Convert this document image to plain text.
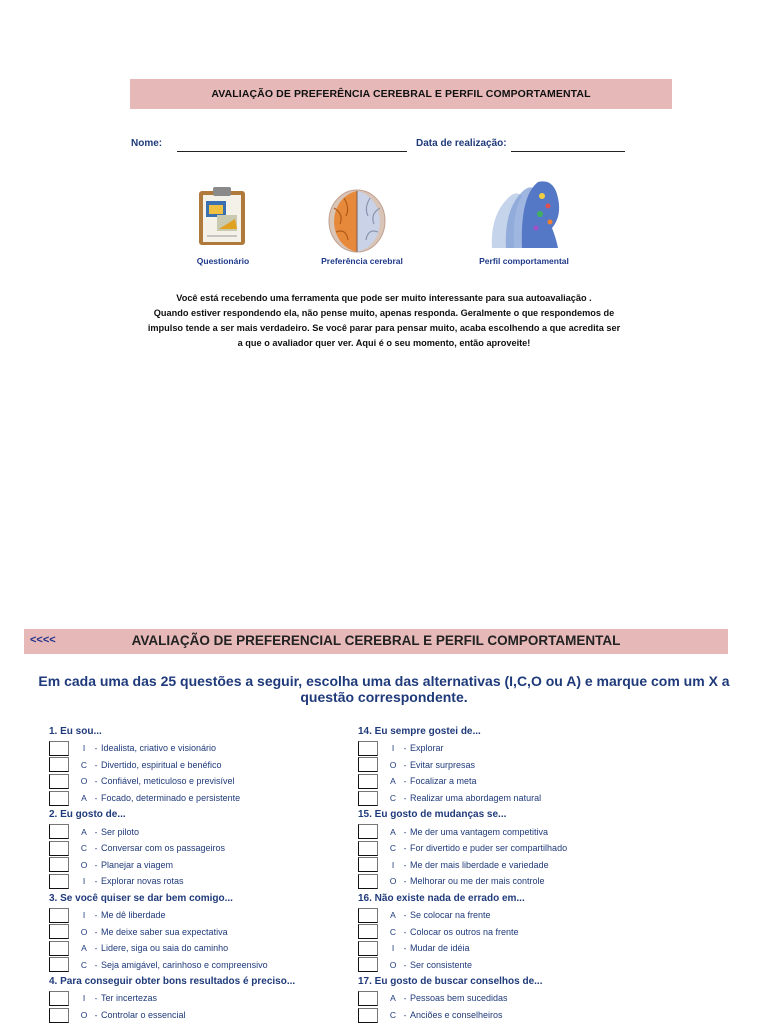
AVALIAÇÃO DE PREFERÊNCIA CEREBRAL E PERFIL COMPORTAMENTAL
Nome:	Data de realização:
Questionário	Preferência cerebral	Perfil comportamental

Você está recebendo uma ferramenta que pode ser muito interessante para sua autoavaliação .

Quando estiver respondendo ela, não pense muito, apenas responda. Geralmente o que respondemos de

impulso tende a ser mais verdadeiro. Se você parar para pensar muito, acaba escolhendo a que acredita ser

a que o avaliador quer ver. Aqui é o seu momento, então aproveite!

<<<<	AVALIAÇÃO DE PREFERENCIAL CEREBRAL E PERFIL COMPORTAMENTAL
Em cada uma das 25 questões a seguir, escolha uma das alternativas (I,C,O ou A) e marque com um X a questão correspondente.
1. Eu sou...
I	- Idealista, criativo e visionário
C - Divertido, espiritual e benéfico
O - Confiável, meticuloso e previsível
A - Focado, determinado e persistente
2. Eu gosto de...
A - Ser piloto
C - Conversar com os passageiros
O - Planejar a viagem
I	- Explorar novas rotas
3. Se você quiser se dar bem comigo...
I	- Me dê liberdade
O - Me deixe saber sua expectativa
A - Lidere, siga ou saia do caminho
C - Seja amigável, carinhoso e compreensivo
4. Para conseguir obter bons resultados é preciso...
I	- Ter incertezas
O - Controlar o essencial
14. Eu sempre gostei de...
I	- Explorar
O - Evitar surpresas
A - Focalizar a meta
C - Realizar uma abordagem natural
15. Eu gosto de mudanças se...
A - Me der uma vantagem competitiva
C - For divertido e puder ser compartilhado
I	- Me der mais liberdade e variedade
O - Melhorar ou me der mais controle
16. Não existe nada de errado em...
A - Se colocar na frente
C - Colocar os outros na frente
I	- Mudar de idéia
O - Ser consistente
17. Eu gosto de buscar conselhos de...
A - Pessoas bem sucedidas
C - Anciões e conselheiros
